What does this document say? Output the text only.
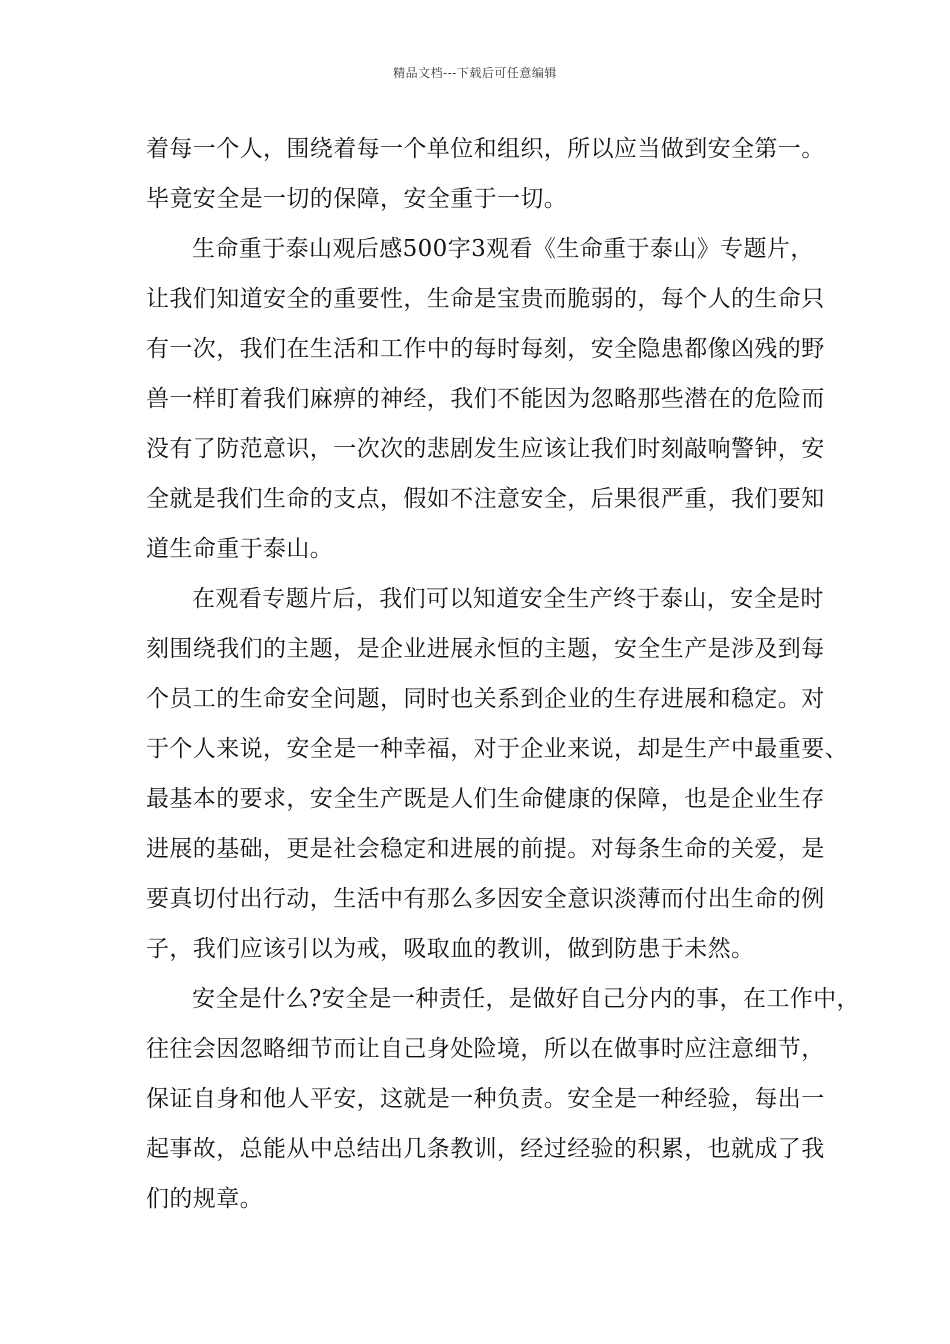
精品文档---下载后可任意编辑
着每一个人，围绕着每一个单位和组织，所以应当做到安全第一。
毕竟安全是一切的保障，安全重于一切。
生命重于泰山观后感500字3观看《生命重于泰山》专题片，
让我们知道安全的重要性，生命是宝贵而脆弱的，每个人的生命只
有一次，我们在生活和工作中的每时每刻，安全隐患都像凶残的野
兽一样盯着我们麻痹的神经，我们不能因为忽略那些潜在的危险而
没有了防范意识，一次次的悲剧发生应该让我们时刻敲响警钟，安
全就是我们生命的支点，假如不注意安全，后果很严重，我们要知
道生命重于泰山。
在观看专题片后，我们可以知道安全生产终于泰山，安全是时
刻围绕我们的主题，是企业进展永恒的主题，安全生产是涉及到每
个员工的生命安全问题，同时也关系到企业的生存进展和稳定。对
于个人来说，安全是一种幸福，对于企业来说，却是生产中最重要、
最基本的要求，安全生产既是人们生命健康的保障，也是企业生存
进展的基础，更是社会稳定和进展的前提。对每条生命的关爱，是
要真切付出行动，生活中有那么多因安全意识淡薄而付出生命的例
子，我们应该引以为戒，吸取血的教训，做到防患于未然。
安全是什么?安全是一种责任，是做好自己分内的事，在工作中，
往往会因忽略细节而让自己身处险境，所以在做事时应注意细节，
保证自身和他人平安，这就是一种负责。安全是一种经验，每出一
起事故，总能从中总结出几条教训，经过经验的积累，也就成了我
们的规章。
